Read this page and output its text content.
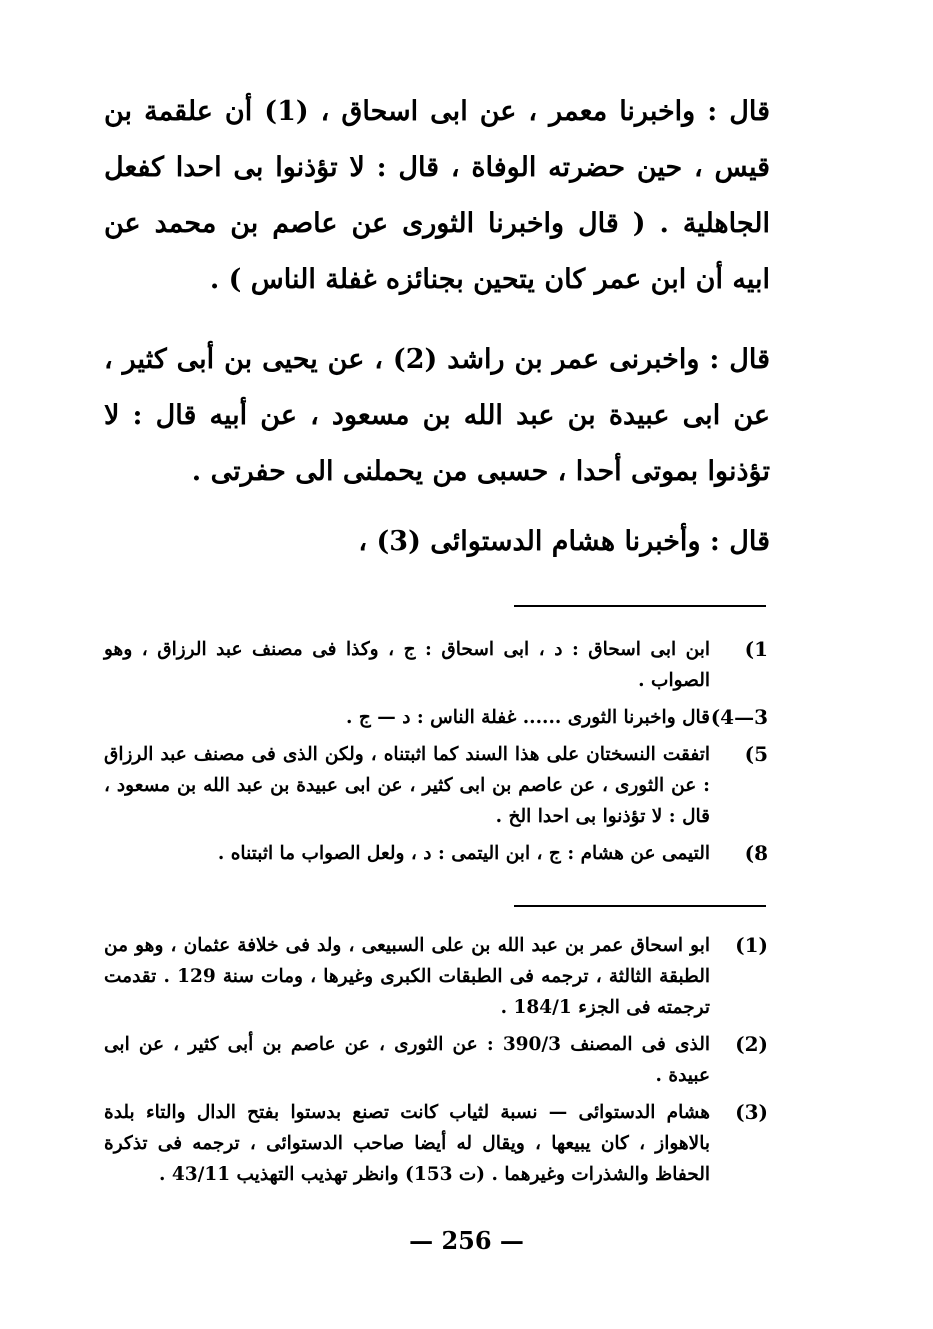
قال : واخبرنا معمر ، عن ابى اسحاق ، (1) أن علقمة بن قيس ، حين حضرته الوفاة ، قال : لا تؤذنوا بى احدا كفعل الجاهلية . ( قال واخبرنا الثورى عن عاصم بن محمد عن ابيه أن ابن عمر كان يتحين بجنائزه غفلة الناس ) .

قال : واخبرنى عمر بن راشد (2) ، عن يحيى بن أبى كثير ، عن ابى عبيدة بن عبد الله بن مسعود ، عن أبيه قال : لا تؤذنوا بموتى أحدا ، حسبى من يحملنى الى حفرتى .

قال : وأخبرنا هشام الدستوائى (3) ،

1)
ابن ابى اسحاق : د ، ابى اسحاق : ج ، وكذا فى مصنف عبد الرزاق ، وهو الصواب .
3—4)
قال واخبرنا الثورى ...... غفلة الناس : د — ج .
5)
اتفقت النسختان على هذا السند كما اثبتناه ، ولكن الذى فى مصنف عبد الرزاق : عن الثورى ، عن عاصم بن ابى كثير ، عن ابى عبيدة بن عبد الله بن مسعود ، قال : لا تؤذنوا بى احدا الخ .
8)
التيمى عن هشام : ج ، ابن اليتمى : د ، ولعل الصواب ما اثبتناه .
(1)
ابو اسحاق عمر بن عبد الله بن على السبيعى ، ولد فى خلافة عثمان ، وهو من الطبقة الثالثة ، ترجمه فى الطبقات الكبرى وغيرها ، ومات سنة 129 . تقدمت ترجمته فى الجزء 184/1 .
(2)
الذى فى المصنف 390/3 : عن الثورى ، عن عاصم بن أبى كثير ، عن ابى عبيدة .
(3)
هشام الدستوائى — نسبة لثياب كانت تصنع بدستوا بفتح الدال والتاء بلدة بالاهواز ، كان يبيعها ، ويقال له أيضا صاحب الدستوائى ، ترجمه فى تذكرة الحفاظ والشذرات وغيرهما . (ت 153) وانظر تهذيب التهذيب 43/11 .
— 256 —
